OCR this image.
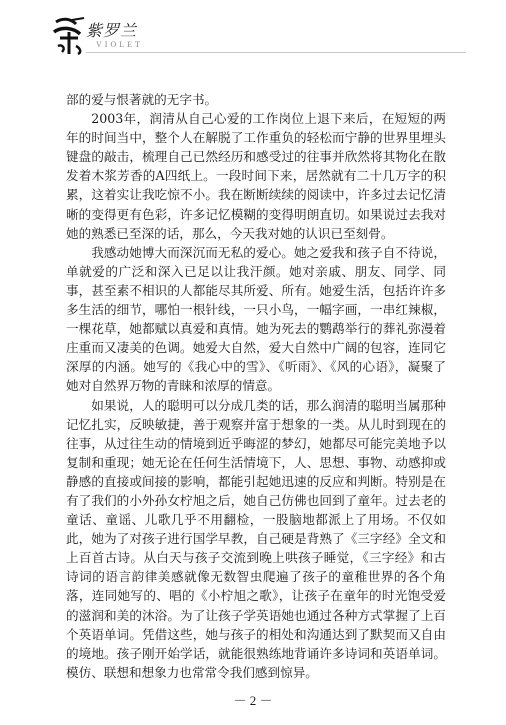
紫罗兰
VIOLET

部的爱与恨著就的无字书。

2003年，润清从自己心爱的工作岗位上退下来后，在短短的两年的时间当中，整个人在解脱了工作重负的轻松而宁静的世界里埋头键盘的敲击，梳理自己已然经历和感受过的往事并欣然将其物化在散发着木浆芳香的A四纸上。一段时间下来，居然就有二十几万字的积累，这着实让我吃惊不小。我在断断续续的阅读中，许多过去记忆清晰的变得更有色彩，许多记忆模糊的变得明朗直切。如果说过去我对她的熟悉已至深的话，那么，今天我对她的认识已至刻骨。

我感动她博大而深沉而无私的爱心。她之爱我和孩子自不待说，单就爱的广泛和深入已足以让我汗颜。她对亲戚、朋友、同学、同事，甚至素不相识的人都能尽其所爱、所有。她爱生活，包括许许多多生活的细节，哪怕一根针线，一只小鸟，一幅字画，一串红辣椒，一棵花草，她都赋以真爱和真情。她为死去的鹦鹉举行的葬礼弥漫着庄重而又凄美的色调。她爱大自然，爱大自然中广阔的包容，连同它深厚的内涵。她写的《我心中的雪》、《听雨》、《风的心语》，凝聚了她对自然界万物的青睐和浓厚的情意。

如果说，人的聪明可以分成几类的话，那么润清的聪明当属那种记忆扎实，反映敏捷，善于观察并富于想象的一类。从儿时到现在的往事，从过往生动的情境到近乎晦涩的梦幻，她都尽可能完美地予以复制和重现；她无论在任何生活情境下，人、思想、事物、动感抑或静感的直接或间接的影响，都能引起她迅速的反应和判断。特别是在有了我们的小外孙女柠旭之后，她自己仿佛也回到了童年。过去老的童话、童谣、儿歌几乎不用翻检，一股脑地都派上了用场。不仅如此，她为了对孩子进行国学早教，自己硬是背熟了《三字经》全文和上百首古诗。从白天与孩子交流到晚上哄孩子睡觉，《三字经》和古诗词的语言韵律美感就像无数智虫爬遍了孩子的童稚世界的各个角落，连同她写的、唱的《小柠旭之歌》，让孩子在童年的时光饱受爱的滋润和美的沐浴。为了让孩子学英语她也通过各种方式掌握了上百个英语单词。凭借这些，她与孩子的相处和沟通达到了默契而又自由的境地。孩子刚开始学话，就能很熟练地背诵许多诗词和英语单词。模仿、联想和想象力也常常令我们感到惊异。

－ 2 －
